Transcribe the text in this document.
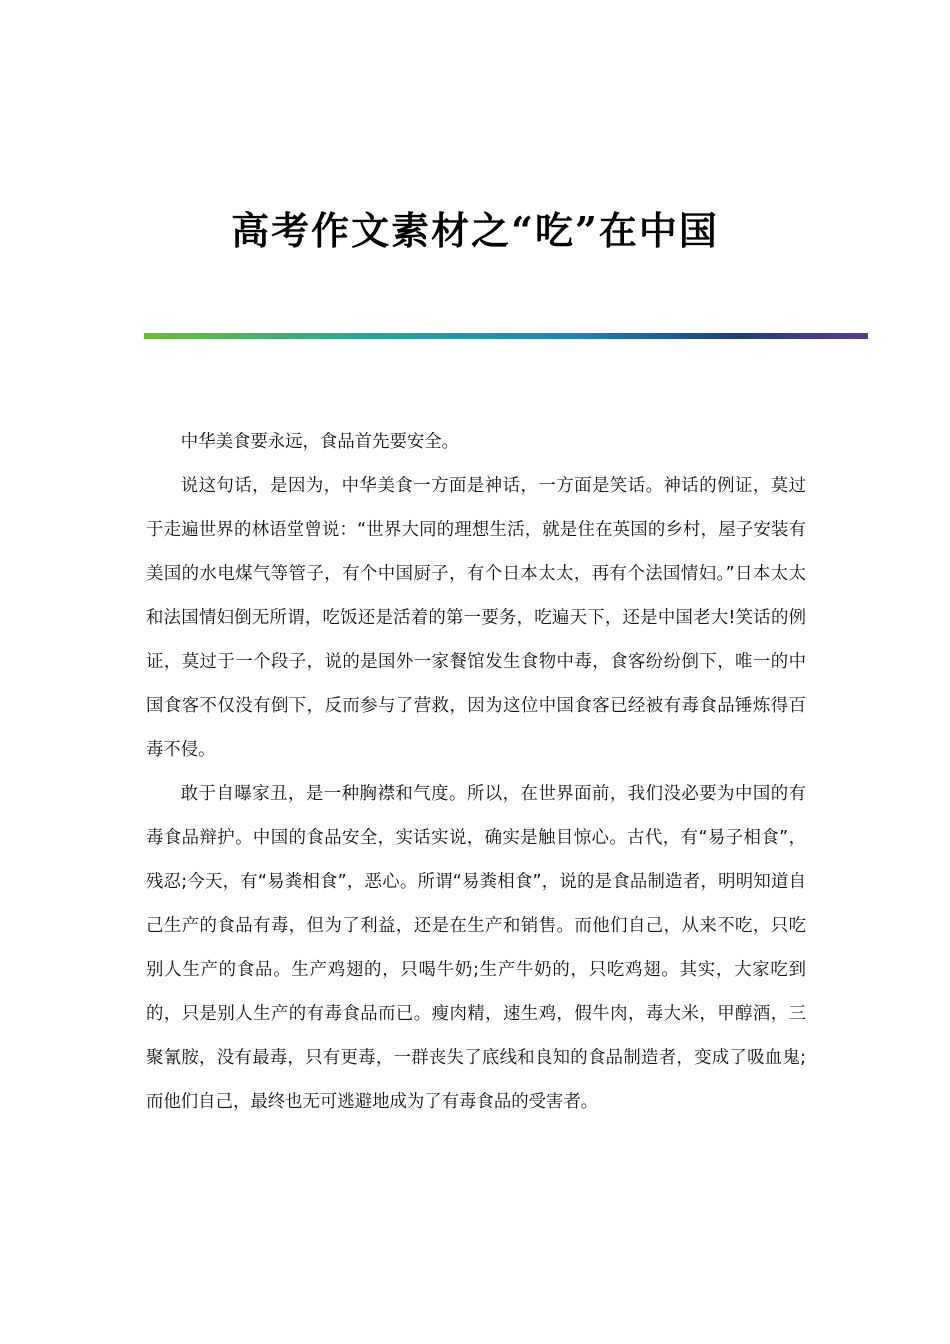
高考作文素材之“吃”在中国

中华美食要永远，食品首先要安全。

说这句话，是因为，中华美食一方面是神话，一方面是笑话。神话的例证，莫过于走遍世界的林语堂曾说：“世界大同的理想生活，就是住在英国的乡村，屋子安装有美国的水电煤气等管子，有个中国厨子，有个日本太太，再有个法国情妇。”日本太太和法国情妇倒无所谓，吃饭还是活着的第一要务，吃遍天下，还是中国老大!笑话的例证，莫过于一个段子，说的是国外一家餐馆发生食物中毒，食客纷纷倒下，唯一的中国食客不仅没有倒下，反而参与了营救，因为这位中国食客已经被有毒食品锤炼得百毒不侵。

敢于自曝家丑，是一种胸襟和气度。所以，在世界面前，我们没必要为中国的有毒食品辩护。中国的食品安全，实话实说，确实是触目惊心。古代，有“易子相食”，残忍;今天，有“易粪相食”，恶心。所谓“易粪相食”，说的是食品制造者，明明知道自己生产的食品有毒，但为了利益，还是在生产和销售。而他们自己，从来不吃，只吃别人生产的食品。生产鸡翅的，只喝牛奶;生产牛奶的，只吃鸡翅。其实，大家吃到的，只是别人生产的有毒食品而已。瘦肉精，速生鸡，假牛肉，毒大米，甲醇酒，三聚氰胺，没有最毒，只有更毒，一群丧失了底线和良知的食品制造者，变成了吸血鬼;而他们自己，最终也无可逃避地成为了有毒食品的受害者。
